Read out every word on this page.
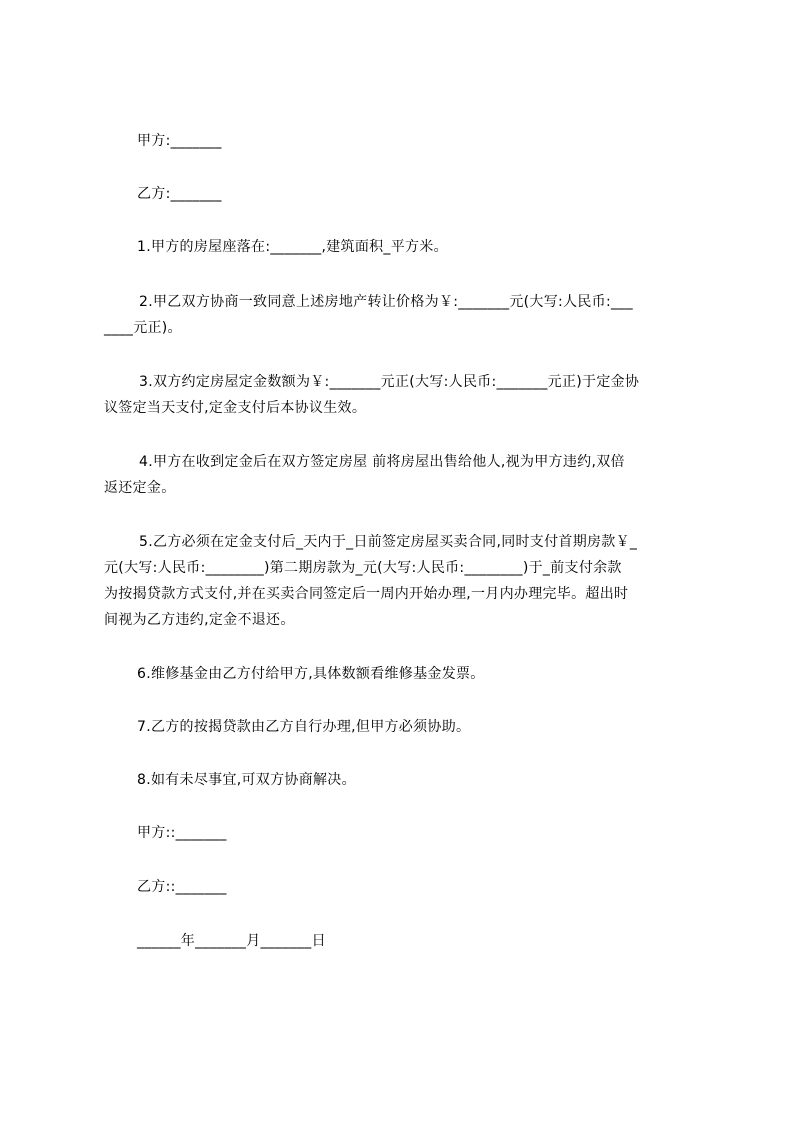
甲方:_______

乙方:_______

1.甲方的房屋座落在:_______,建筑面积_平方米。

2.甲乙双方协商一致同意上述房地产转让价格为￥:_______元(大写:人民币:___

____元正)。

3.双方约定房屋定金数额为￥:_______元正(大写:人民币:_______元正)于定金协

议签定当天支付,定金支付后本协议生效。

4.甲方在收到定金后在双方签定房屋 前将房屋出售给他人,视为甲方违约,双倍

返还定金。

5.乙方必须在定金支付后_天内于_日前签定房屋买卖合同,同时支付首期房款￥_

元(大写:人民币:________)第二期房款为_元(大写:人民币:________)于_前支付余款

为按揭贷款方式支付,并在买卖合同签定后一周内开始办理,一月内办理完毕。超出时

间视为乙方违约,定金不退还。

6.维修基金由乙方付给甲方,具体数额看维修基金发票。

7.乙方的按揭贷款由乙方自行办理,但甲方必须协助。

8.如有未尽事宜,可双方协商解决。

甲方::_______

乙方::_______

______年_______月_______日
